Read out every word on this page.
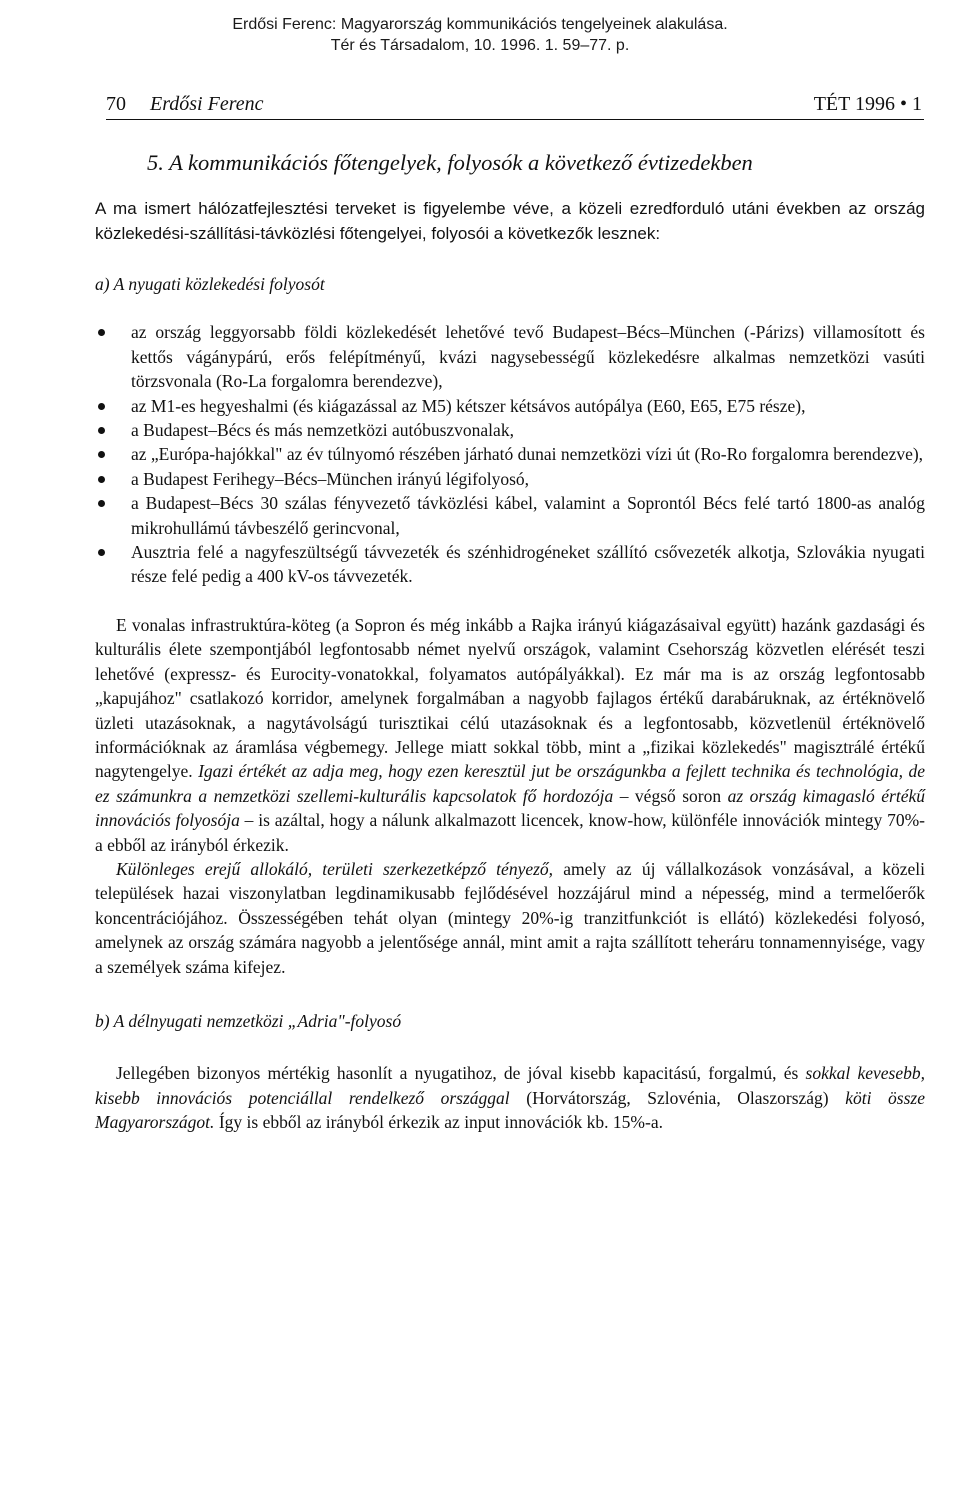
Erdősi Ferenc: Magyarország kommunikációs tengelyeinek alakulása.
Tér és Társadalom, 10. 1996. 1. 59–77. p.
70 Erdősi Ferenc	TÉT 1996 • 1
5. A kommunikációs főtengelyek, folyosók a következő évtizedekben

A ma ismert hálózatfejlesztési terveket is figyelembe véve, a közeli ezredforduló utáni években az ország közlekedési-szállítási-távközlési főtengelyei, folyosói a következők lesznek:

a) A nyugati közlekedési folyosót
az ország leggyorsabb földi közlekedését lehetővé tevő Budapest–Bécs–München (-Párizs) villamosított és kettős vágánypárú, erős felépítményű, kvázi nagysebességű közlekedésre alkalmas nemzetközi vasúti törzsvonala (Ro-La forgalomra berendezve),
az M1-es hegyeshalmi (és kiágazással az M5) kétszer kétsávos autópálya (E60, E65, E75 része),
a Budapest–Bécs és más nemzetközi autóbuszvonalak,
az „Európa-hajókkal" az év túlnyomó részében járható dunai nemzetközi vízi út (Ro-Ro forgalomra berendezve),
a Budapest Ferihegy–Bécs–München irányú légifolyosó,
a Budapest–Bécs 30 szálas fényvezető távközlési kábel, valamint a Soprontól Bécs felé tartó 1800-as analóg mikrohullámú távbeszélő gerincvonal,
Ausztria felé a nagyfeszültségű távvezeték és szénhidrogéneket szállító csővezeték alkotja, Szlovákia nyugati része felé pedig a 400 kV-os távvezeték.

E vonalas infrastruktúra-köteg (a Sopron és még inkább a Rajka irányú kiágazásaival együtt) hazánk gazdasági és kulturális élete szempontjából legfontosabb német nyelvű országok, valamint Csehország közvetlen elérését teszi lehetővé (expressz- és Eurocity-vonatokkal, folyamatos autópályákkal). Ez már ma is az ország legfontosabb „kapujához" csatlakozó korridor, amelynek forgalmában a nagyobb fajlagos értékű darabáruknak, az értéknövelő üzleti utazásoknak, a nagytávolságú turisztikai célú utazásoknak és a legfontosabb, közvetlenül értéknövelő információknak az áramlása végbemegy. Jellege miatt sokkal több, mint a „fizikai közlekedés" magisztrálé értékű nagytengelye. Igazi értékét az adja meg, hogy ezen keresztül jut be országunkba a fejlett technika és technológia, de ez számunkra a nemzetközi szellemi-kulturális kapcsolatok fő hordozója – végső soron az ország kimagasló értékű innovációs folyosója – is azáltal, hogy a nálunk alkalmazott licencek, know-how, különféle innovációk mintegy 70%-a ebből az irányból érkezik.

Különleges erejű allokáló, területi szerkezetképző tényező, amely az új vállalkozások vonzásával, a közeli települések hazai viszonylatban legdinamikusabb fejlődésével hozzájárul mind a népesség, mind a termelőerők koncentrációjához. Összességében tehát olyan (mintegy 20%-ig tranzitfunkciót is ellátó) közlekedési folyosó, amelynek az ország számára nagyobb a jelentősége annál, mint amit a rajta szállított teheráru tonnamennyisége, vagy a személyek száma kifejez.

b) A délnyugati nemzetközi „Adria"-folyosó

Jellegében bizonyos mértékig hasonlít a nyugatihoz, de jóval kisebb kapacitású, forgalmú, és sokkal kevesebb, kisebb innovációs potenciállal rendelkező országgal (Horvátország, Szlovénia, Olaszország) köti össze Magyarországot. Így is ebből az irányból érkezik az input innovációk kb. 15%-a.
